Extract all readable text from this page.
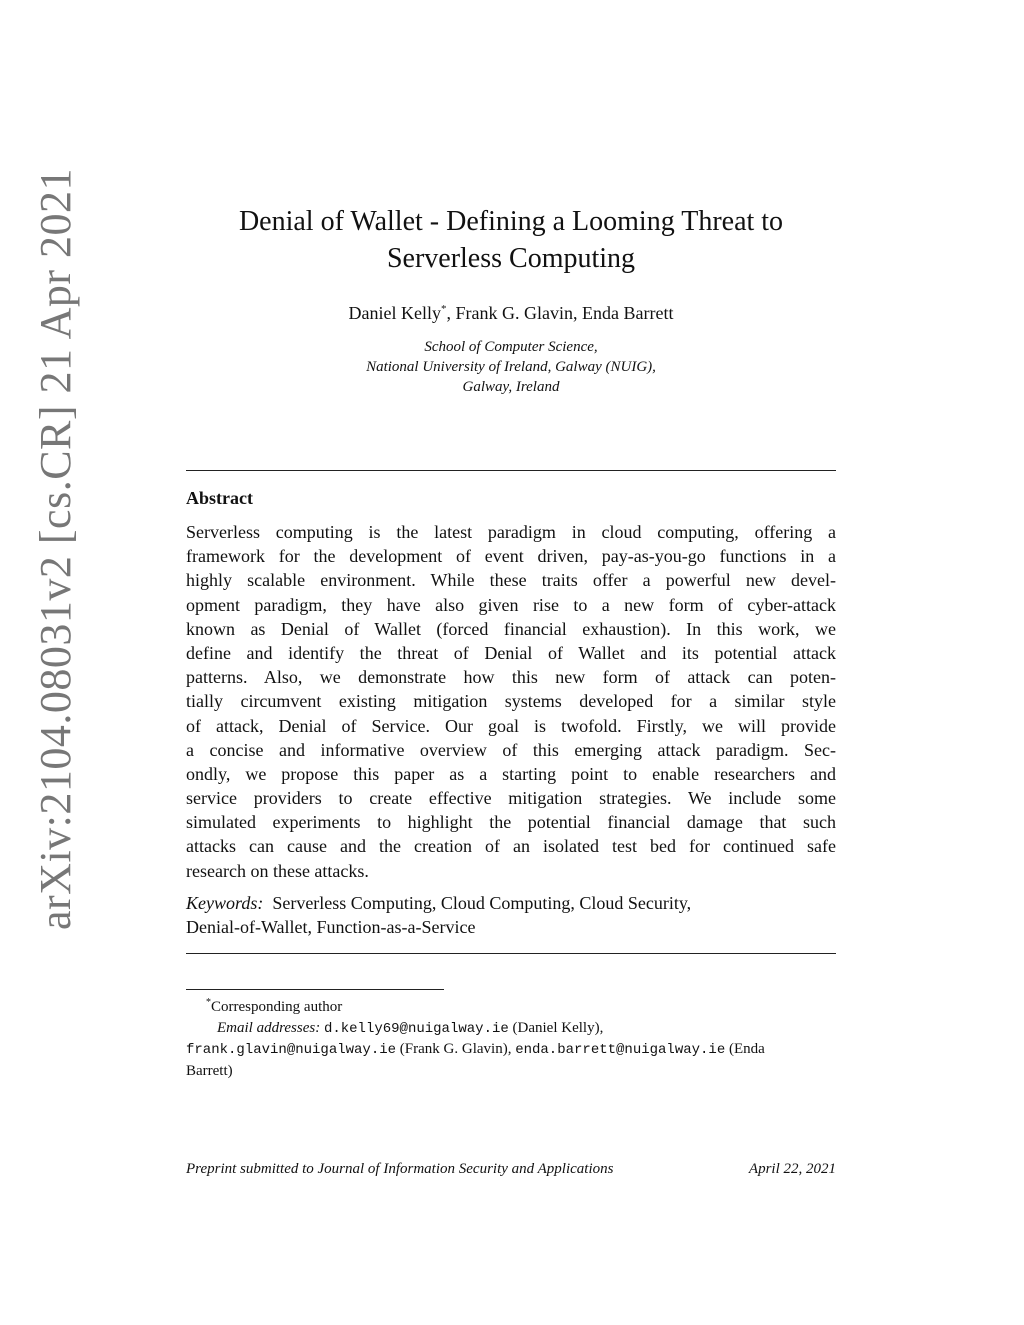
arXiv:2104.08031v2 [cs.CR] 21 Apr 2021	Denial of Wallet - Defining a Looming Threat to
Serverless Computing
Daniel Kelly*, Frank G. Glavin, Enda Barrett
School of Computer Science,
National University of Ireland, Galway (NUIG),
Galway, Ireland
Abstract
Serverless computing is the latest paradigm in cloud computing, offering a
framework for the development of event driven, pay-as-you-go functions in a
highly scalable environment. While these traits offer a powerful new devel-
opment paradigm, they have also given rise to a new form of cyber-attack
known as Denial of Wallet (forced financial exhaustion). In this work, we
define and identify the threat of Denial of Wallet and its potential attack
patterns. Also, we demonstrate how this new form of attack can poten-
tially circumvent existing mitigation systems developed for a similar style
of attack, Denial of Service. Our goal is twofold. Firstly, we will provide
a concise and informative overview of this emerging attack paradigm. Sec-
ondly, we propose this paper as a starting point to enable researchers and
service providers to create effective mitigation strategies. We include some
simulated experiments to highlight the potential financial damage that such
attacks can cause and the creation of an isolated test bed for continued safe
research on these attacks.
Keywords: Serverless Computing, Cloud Computing, Cloud Security,
Denial-of-Wallet, Function-as-a-Service
*Corresponding author
Email addresses: d.kelly69@nuigalway.ie (Daniel Kelly),
frank.glavin@nuigalway.ie (Frank G. Glavin), enda.barrett@nuigalway.ie (Enda
Barrett)
Preprint submitted to Journal of Information Security and Applications	April 22, 2021
